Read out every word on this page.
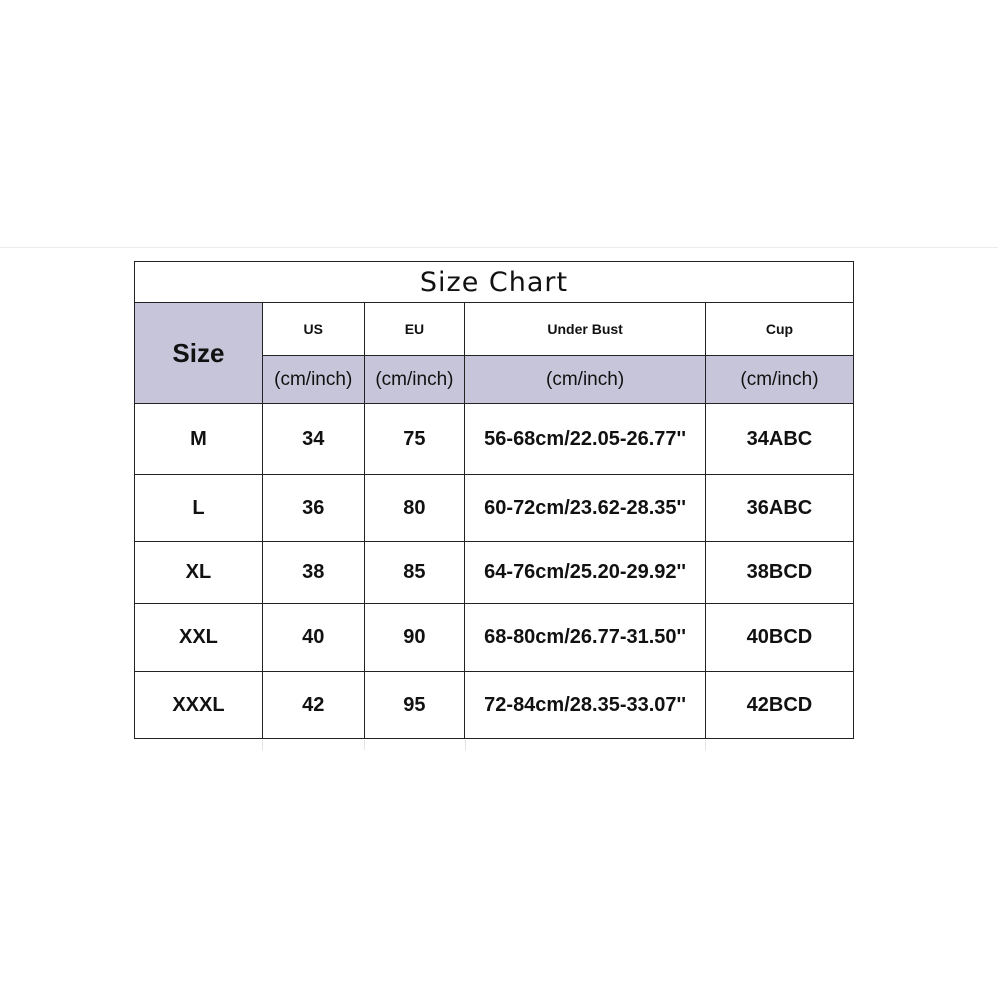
Size Chart				
Size	US	EU	Under Bust	Cup
	(cm/inch)	(cm/inch)	(cm/inch)	(cm/inch)
M	34	75	56-68cm/22.05-26.77''	34ABC
L	36	80	60-72cm/23.62-28.35''	36ABC
XL	38	85	64-76cm/25.20-29.92''	38BCD
XXL	40	90	68-80cm/26.77-31.50''	40BCD
XXXL	42	95	72-84cm/28.35-33.07''	42BCD
